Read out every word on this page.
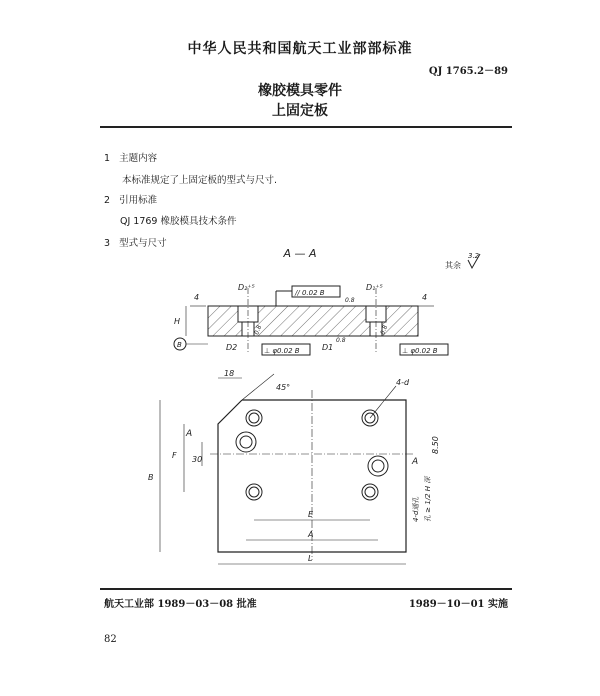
中华人民共和国航天工业部部标准
QJ 1765.2－89
橡胶模具零件
上固定板
1 主题内容
本标准规定了上固定板的型式与尺寸.
2 引用标准
QJ 1769 橡胶模具技术条件
3 型式与尺寸
A — A
其余
3.2
D₂⁺⁵	D₁⁺⁵
// 0.02 B
0.8
0.8	0.8
4	4
H
B	D2	D1
⊥ φ0.02 B	⊥ φ0.02 B
0.8
18
45°
4-d
B
F 30
A
A
8.50
4-d通孔 孔 ≥ 1/2 H 深
E
A
L
航天工业部 1989－03－08 批准	1989－10－01 实施
82
